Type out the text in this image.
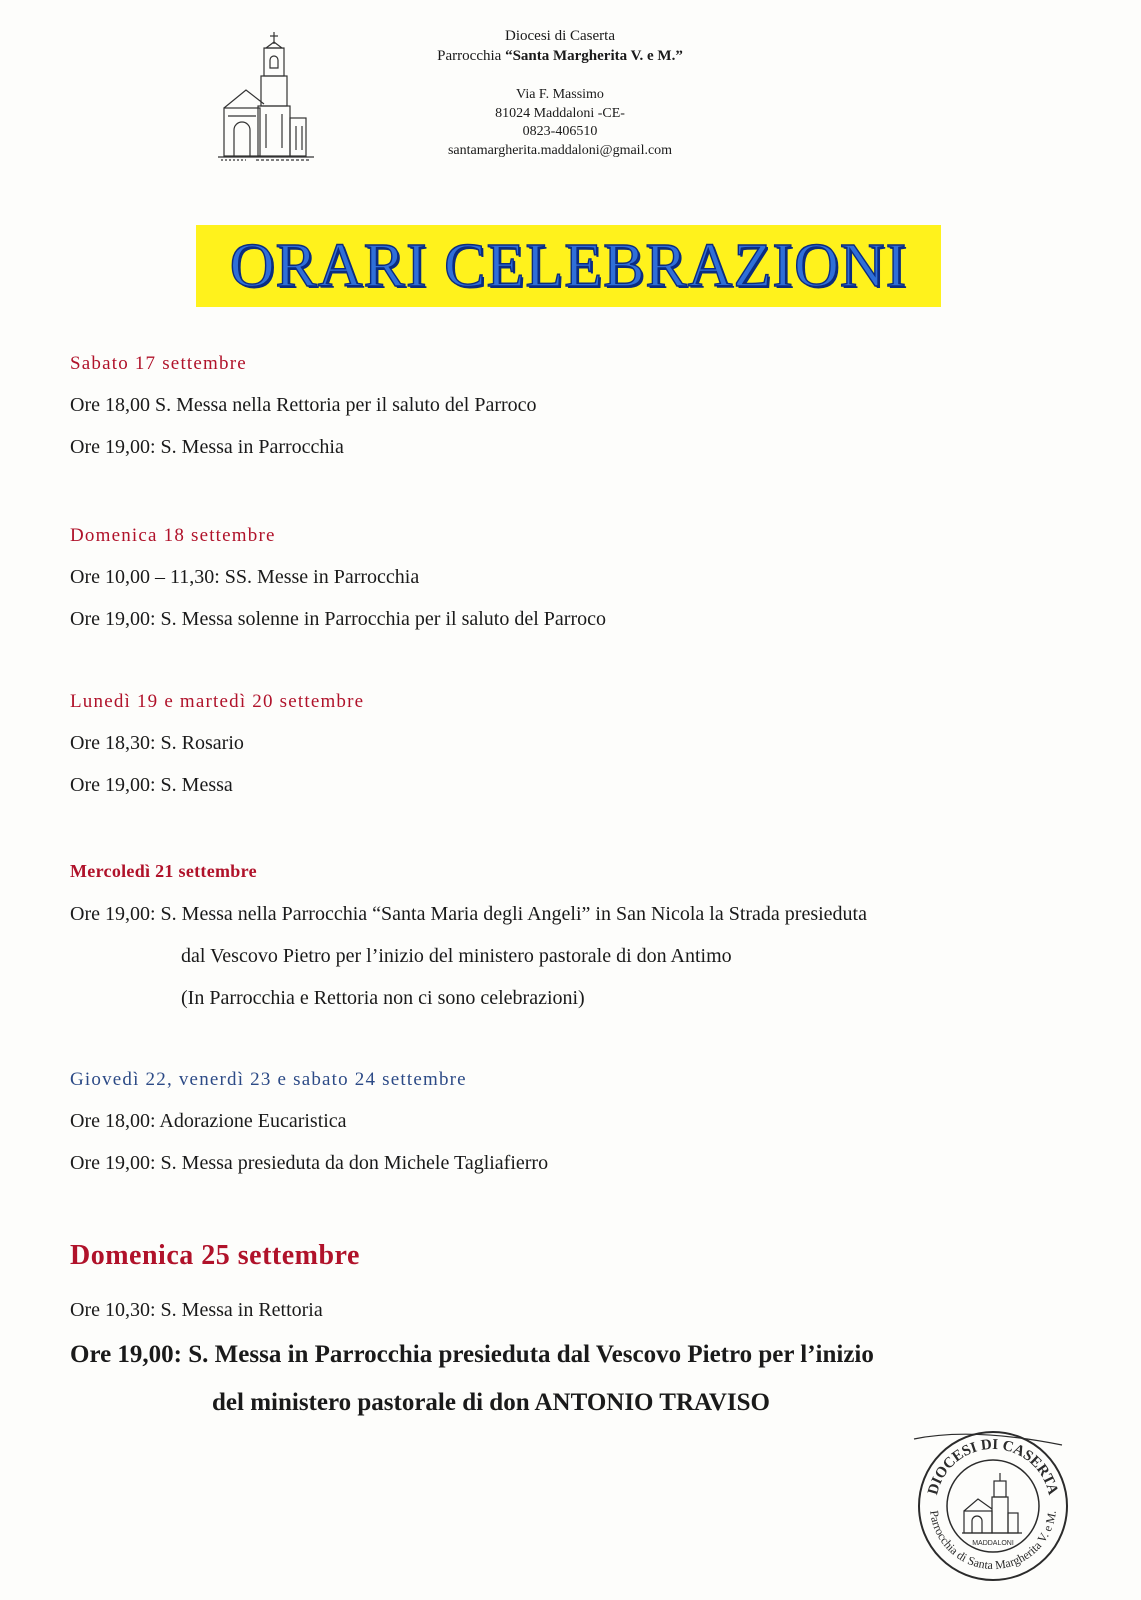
Diocesi di Caserta
Parrocchia “Santa Margherita V. e M.”
Via F. Massimo
81024 Maddaloni -CE-
0823-406510
santamargherita.maddaloni@gmail.com
ORARI CELEBRAZIONI

Sabato 17 settembre

Ore 18,00 S. Messa nella Rettoria per il saluto del Parroco

Ore 19,00: S. Messa in Parrocchia

Domenica 18 settembre

Ore 10,00 – 11,30: SS. Messe in Parrocchia

Ore 19,00: S. Messa solenne in Parrocchia per il saluto del Parroco

Lunedì 19 e martedì 20 settembre

Ore 18,30: S. Rosario

Ore 19,00: S. Messa

Mercoledì 21 settembre

Ore 19,00: S. Messa nella Parrocchia “Santa Maria degli Angeli” in San Nicola la Strada presieduta

dal Vescovo Pietro per l’inizio del ministero pastorale di don Antimo

(In Parrocchia e Rettoria non ci sono celebrazioni)

Giovedì 22, venerdì 23 e sabato 24 settembre

Ore 18,00: Adorazione Eucaristica

Ore 19,00: S. Messa presieduta da don Michele Tagliafierro

Domenica 25 settembre

Ore 10,30: S. Messa in Rettoria

Ore 19,00: S. Messa in Parrocchia presieduta dal Vescovo Pietro per l’inizio

del ministero pastorale di don ANTONIO TRAVISO

DIOCESI DI CASERTA
Parrocchia di Santa Margherita V. e M.
MADDALONI
